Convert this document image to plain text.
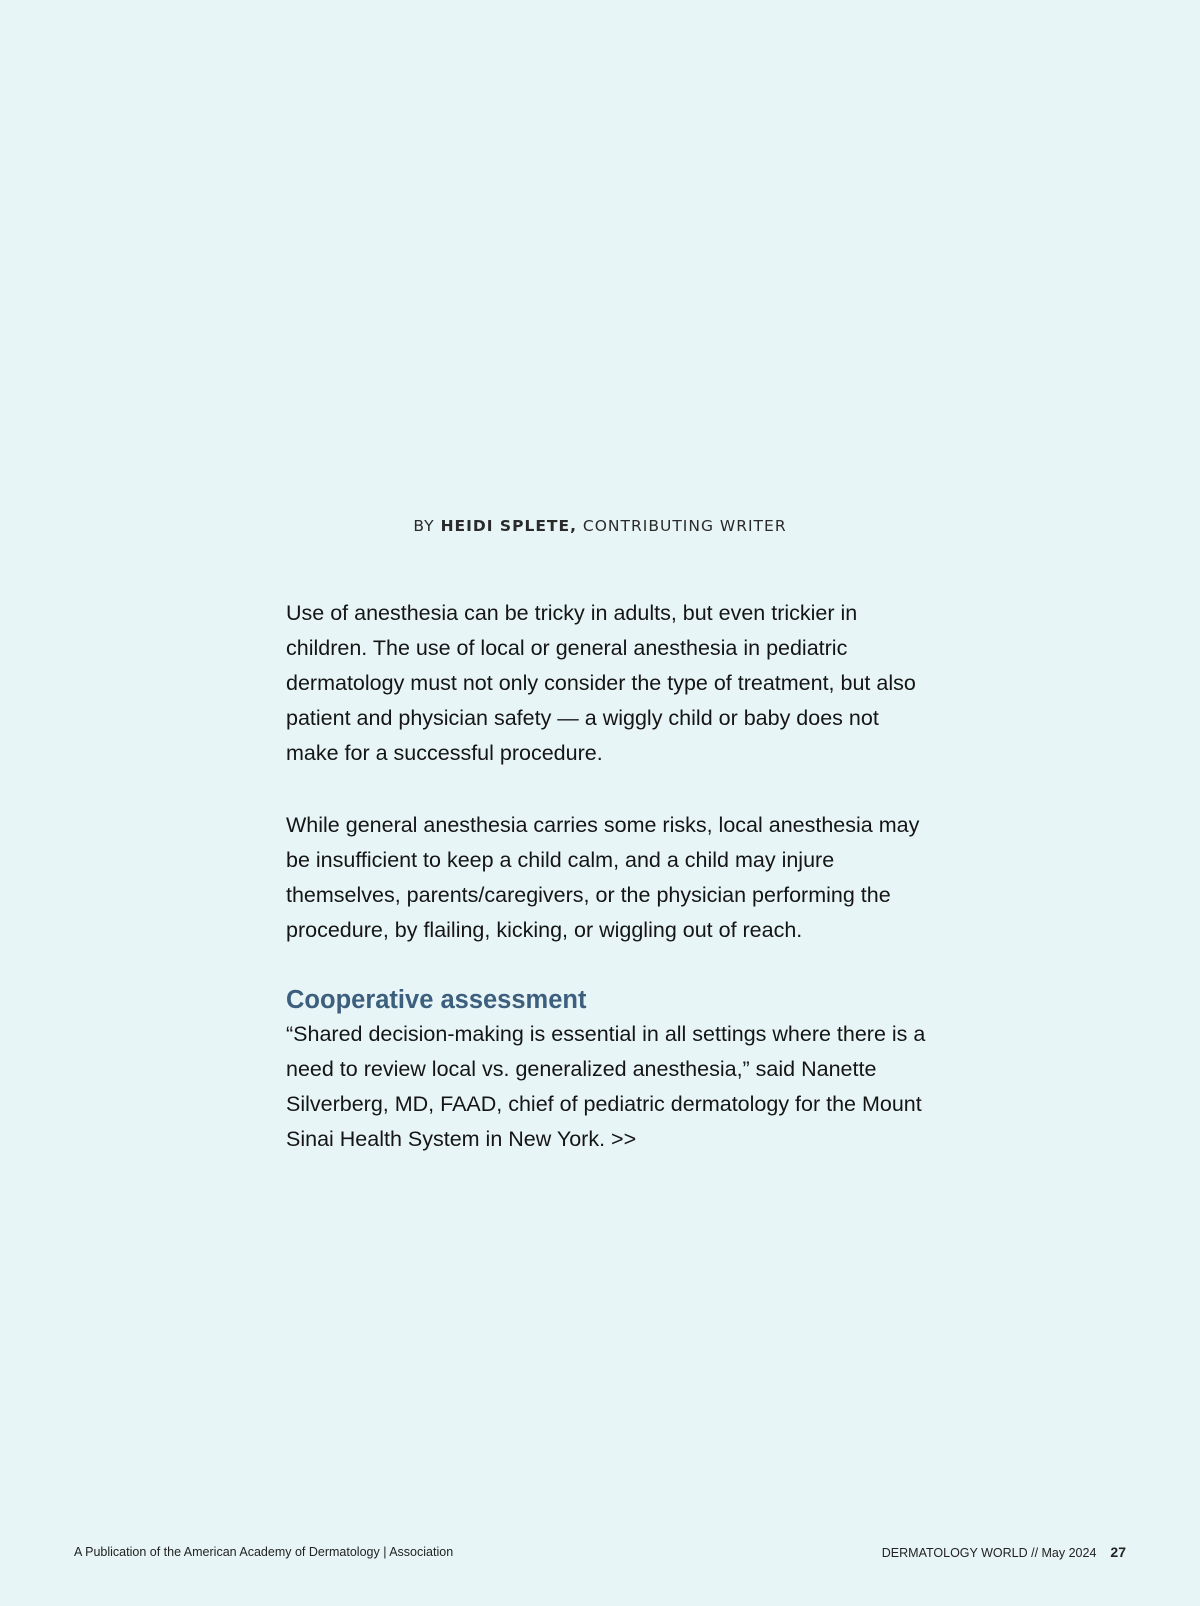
BY HEIDI SPLETE, CONTRIBUTING WRITER

Use of anesthesia can be tricky in adults, but even trickier in children. The use of local or general anesthesia in pediatric dermatology must not only consider the type of treatment, but also patient and physician safety — a wiggly child or baby does not make for a successful procedure.

While general anesthesia carries some risks, local anesthesia may be insufficient to keep a child calm, and a child may injure themselves, parents/caregivers, or the physician performing the procedure, by flailing, kicking, or wiggling out of reach.

Cooperative assessment

“Shared decision-making is essential in all settings where there is a need to review local vs. generalized anesthesia,” said Nanette Silverberg, MD, FAAD, chief of pediatric dermatology for the Mount Sinai Health System in New York. >>

A Publication of the American Academy of Dermatology | Association	DERMATOLOGY WORLD // May 2024 27
